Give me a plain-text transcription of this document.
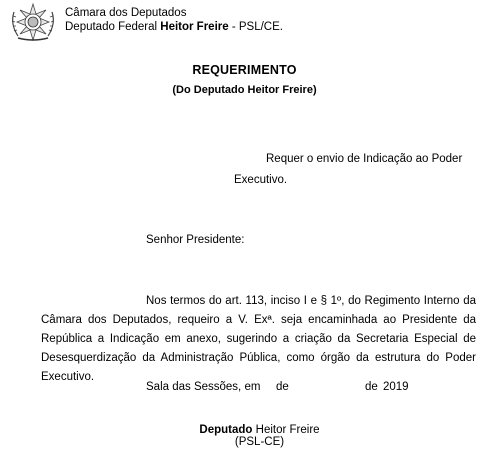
Câmara dos Deputados
Deputado Federal Heitor Freire - PSL/CE.
REQUERIMENTO
(Do Deputado Heitor Freire)
Requer o envio de Indicação ao Poder Executivo.
Senhor Presidente:
Nos termos do art. 113, inciso I e § 1º, do Regimento Interno da Câmara dos Deputados, requeiro a V. Exª. seja encaminhada ao Presidente da República a Indicação em anexo, sugerindo a criação da Secretaria Especial de Desesquerdização da Administração Pública, como órgão da estrutura do Poder Executivo.
Sala das Sessões, em de	de 2019
Deputado Heitor Freire
(PSL-CE)
